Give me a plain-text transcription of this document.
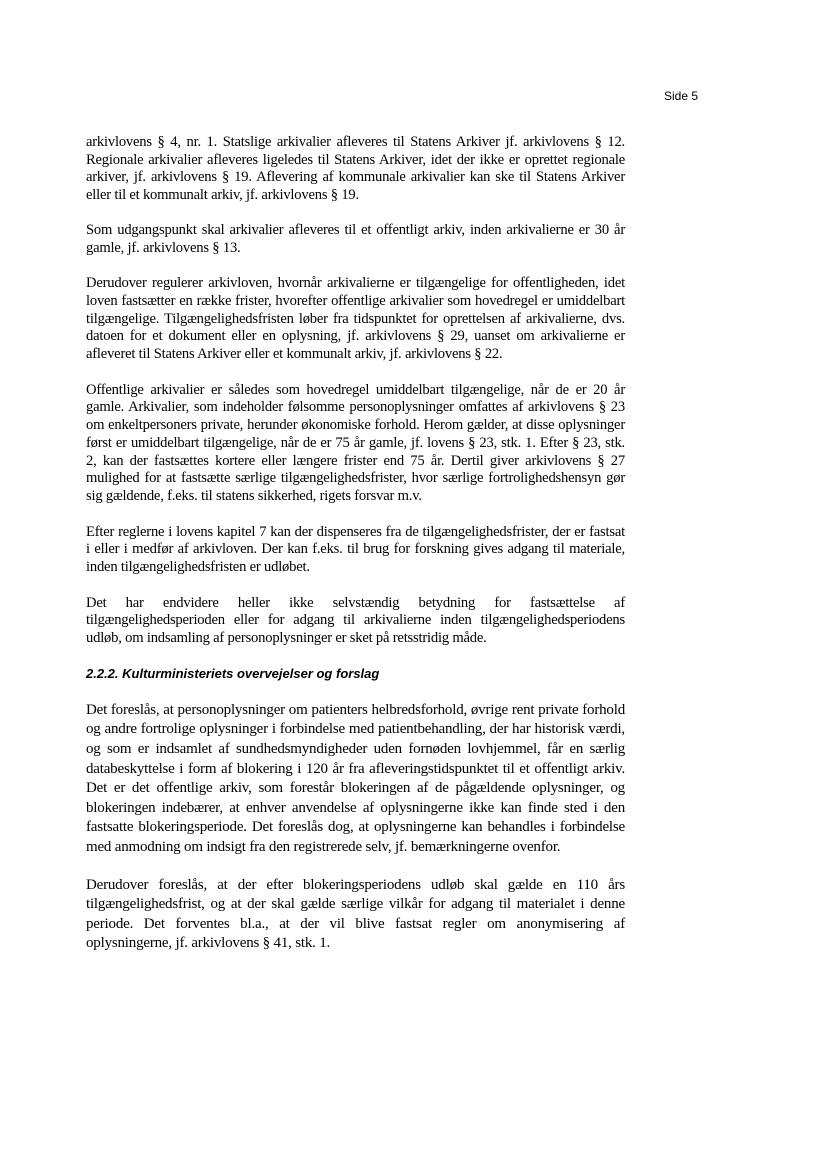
Side 5

arkivlovens § 4, nr. 1. Statslige arkivalier afleveres til Statens Arkiver jf. arkivlovens § 12. Regionale arkivalier afleveres ligeledes til Statens Arkiver, idet der ikke er oprettet regionale arkiver, jf. arkivlovens § 19. Aflevering af kommunale arkivalier kan ske til Statens Arkiver eller til et kommunalt arkiv, jf. arkivlovens § 19.

Som udgangspunkt skal arkivalier afleveres til et offentligt arkiv, inden arkivalierne er 30 år gamle, jf. arkivlovens § 13.

Derudover regulerer arkivloven, hvornår arkivalierne er tilgængelige for offentligheden, idet loven fastsætter en række frister, hvorefter offentlige arkivalier som hovedregel er umiddelbart tilgængelige. Tilgængelighedsfristen løber fra tidspunktet for oprettelsen af arkivalierne, dvs. datoen for et dokument eller en oplysning, jf. arkivlovens § 29, uanset om arkivalierne er afleveret til Statens Arkiver eller et kommunalt arkiv, jf. arkivlovens § 22.

Offentlige arkivalier er således som hovedregel umiddelbart tilgængelige, når de er 20 år gamle. Arkivalier, som indeholder følsomme personoplysninger omfattes af arkivlovens § 23 om enkeltpersoners private, herunder økonomiske forhold. Herom gælder, at disse oplysninger først er umiddelbart tilgængelige, når de er 75 år gamle, jf. lovens § 23, stk. 1. Efter § 23, stk. 2, kan der fastsættes kortere eller længere frister end 75 år. Dertil giver arkivlovens § 27 mulighed for at fastsætte særlige tilgængelighedsfrister, hvor særlige fortrolighedshensyn gør sig gældende, f.eks. til statens sikkerhed, rigets forsvar m.v.

Efter reglerne i lovens kapitel 7 kan der dispenseres fra de tilgængelighedsfrister, der er fastsat i eller i medfør af arkivloven. Der kan f.eks. til brug for forskning gives adgang til materiale, inden tilgængelighedsfristen er udløbet.

Det har endvidere heller ikke selvstændig betydning for fastsættelse af tilgængelighedsperioden eller for adgang til arkivalierne inden tilgængelighedsperiodens udløb, om indsamling af personoplysninger er sket på retsstridig måde.

2.2.2. Kulturministeriets overvejelser og forslag

Det foreslås, at personoplysninger om patienters helbredsforhold, øvrige rent private forhold og andre fortrolige oplysninger i forbindelse med patientbehandling, der har historisk værdi, og som er indsamlet af sundhedsmyndigheder uden fornøden lovhjemmel, får en særlig databeskyttelse i form af blokering i 120 år fra afleveringstidspunktet til et offentligt arkiv. Det er det offentlige arkiv, som forestår blokeringen af de pågældende oplysninger, og blokeringen indebærer, at enhver anvendelse af oplysningerne ikke kan finde sted i den fastsatte blokeringsperiode. Det foreslås dog, at oplysningerne kan behandles i forbindelse med anmodning om indsigt fra den registrerede selv, jf. bemærkningerne ovenfor.

Derudover foreslås, at der efter blokeringsperiodens udløb skal gælde en 110 års tilgængelighedsfrist, og at der skal gælde særlige vilkår for adgang til materialet i denne periode. Det forventes bl.a., at der vil blive fastsat regler om anonymisering af oplysningerne, jf. arkivlovens § 41, stk. 1.
